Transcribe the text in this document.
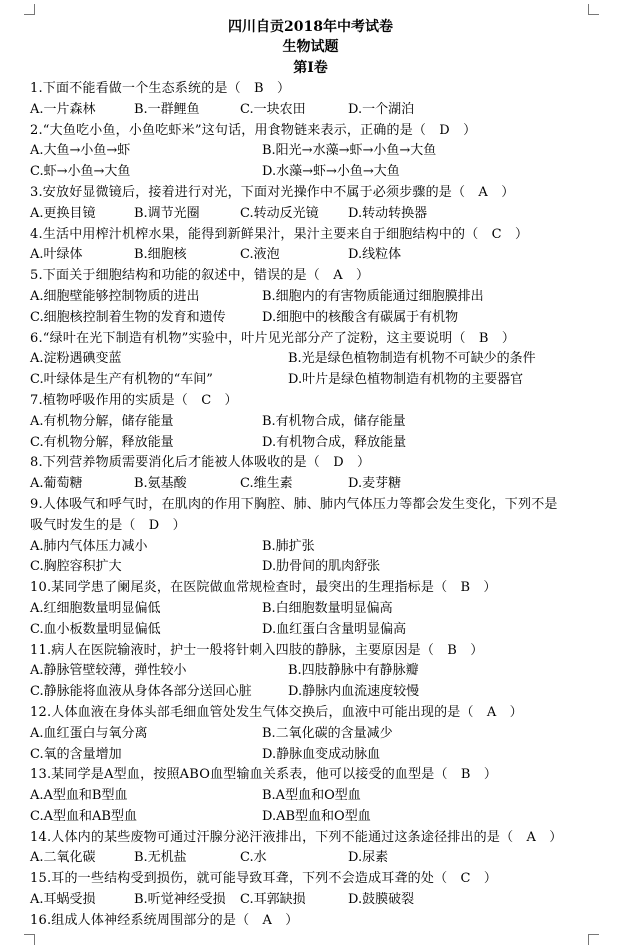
四川自贡2018年中考试卷
生物试题
第Ⅰ卷
1.下面不能看做一个生态系统的是（　B　）
A.一片森林	B.一群鲤鱼	C.一块农田	D.一个湖泊
2.“大鱼吃小鱼，小鱼吃虾米”这句话，用食物链来表示，正确的是（　D　）
A.大鱼→小鱼→虾	B.阳光→水藻→虾→小鱼→大鱼
C.虾→小鱼→大鱼	D.水藻→虾→小鱼→大鱼
3.安放好显微镜后，接着进行对光，下面对光操作中不属于必须步骤的是（　A　）
A.更换目镜	B.调节光圈	C.转动反光镜 D.转动转换器
4.生活中用榨汁机榨水果，能得到新鲜果汁，果汁主要来自于细胞结构中的（　C　）
A.叶绿体	B.细胞核	C.液泡	D.线粒体
5.下面关于细胞结构和功能的叙述中，错误的是（　A　）
A.细胞壁能够控制物质的进出	B.细胞内的有害物质能通过细胞膜排出
C.细胞核控制着生物的发育和遗传	D.细胞中的核酸含有碳属于有机物
6.“绿叶在光下制造有机物”实验中，叶片见光部分产了淀粉，这主要说明（　B　）
A.淀粉遇碘变蓝	B.光是绿色植物制造有机物不可缺少的条件
C.叶绿体是生产有机物的“车间”	D.叶片是绿色植物制造有机物的主要器官
7.植物呼吸作用的实质是（　C　）
A.有机物分解，储存能量	B.有机物合成，储存能量
C.有机物分解，释放能量	D.有机物合成，释放能量
8.下列营养物质需要消化后才能被人体吸收的是（　D　）
A.葡萄糖	B.氨基酸	C.维生素	D.麦芽糖
9.人体吸气和呼气时，在肌肉的作用下胸腔、肺、肺内气体压力等都会发生变化，下列不是
吸气时发生的是（　D　）
A.肺内气体压力减小	B.肺扩张
C.胸腔容积扩大	D.肋骨间的肌肉舒张
10.某同学患了阑尾炎，在医院做血常规检查时，最突出的生理指标是（　B　）
A.红细胞数量明显偏低	B.白细胞数量明显偏高
C.血小板数量明显偏低	D.血红蛋白含量明显偏高
11.病人在医院输液时，护士一般将针刺入四肢的静脉，主要原因是（　B　）
A.静脉管壁较薄，弹性较小	B.四肢静脉中有静脉瓣
C.静脉能将血液从身体各部分送回心脏	D.静脉内血流速度较慢
12.人体血液在身体头部毛细血管处发生气体交换后，血液中可能出现的是（　A　）
A.血红蛋白与氧分离	B.二氧化碳的含量减少
C.氧的含量增加	D.静脉血变成动脉血
13.某同学是A型血，按照ABO血型输血关系表，他可以接受的血型是（　B　）
A.A型血和B型血	B.A型血和O型血
C.A型血和AB型血	D.AB型血和O型血
14.人体内的某些废物可通过汗腺分泌汗液排出，下列不能通过这条途径排出的是（　A　）
A.二氧化碳	B.无机盐	C.水	D.尿素
15.耳的一些结构受到损伤，就可能导致耳聋，下列不会造成耳聋的处（　C　）
A.耳蜗受损	B.听觉神经受损 C.耳郭缺损	D.鼓膜破裂
16.组成人体神经系统周围部分的是（　A　）
